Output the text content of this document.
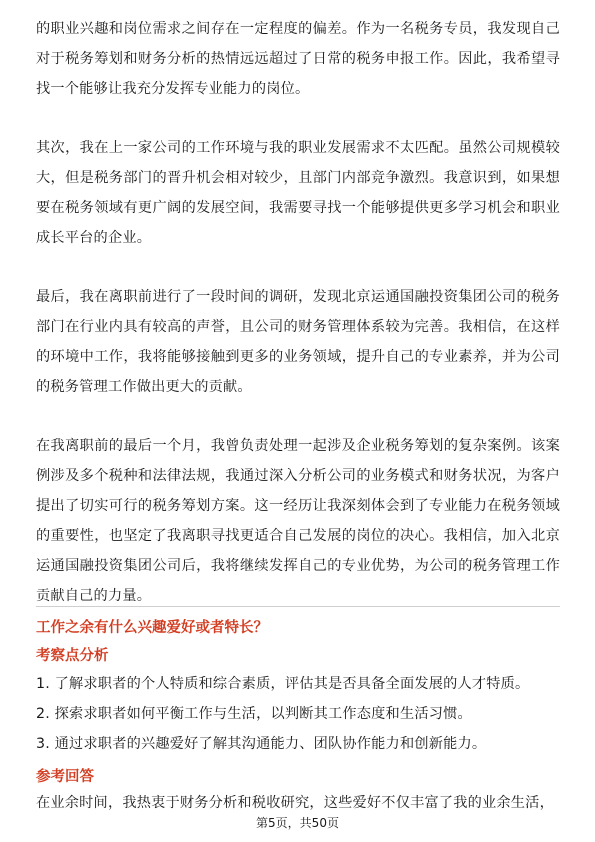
的职业兴趣和岗位需求之间存在一定程度的偏差。作为一名税务专员，我发现自己对于税务筹划和财务分析的热情远远超过了日常的税务申报工作。因此，我希望寻找一个能够让我充分发挥专业能力的岗位。

其次，我在上一家公司的工作环境与我的职业发展需求不太匹配。虽然公司规模较大，但是税务部门的晋升机会相对较少，且部门内部竞争激烈。我意识到，如果想要在税务领域有更广阔的发展空间，我需要寻找一个能够提供更多学习机会和职业成长平台的企业。

最后，我在离职前进行了一段时间的调研，发现北京运通国融投资集团公司的税务部门在行业内具有较高的声誉，且公司的财务管理体系较为完善。我相信，在这样的环境中工作，我将能够接触到更多的业务领域，提升自己的专业素养，并为公司的税务管理工作做出更大的贡献。

在我离职前的最后一个月，我曾负责处理一起涉及企业税务筹划的复杂案例。该案例涉及多个税种和法律法规，我通过深入分析公司的业务模式和财务状况，为客户提出了切实可行的税务筹划方案。这一经历让我深刻体会到了专业能力在税务领域的重要性，也坚定了我离职寻找更适合自己发展的岗位的决心。我相信，加入北京运通国融投资集团公司后，我将继续发挥自己的专业优势，为公司的税务管理工作贡献自己的力量。

工作之余有什么兴趣爱好或者特长？
考察点分析
1. 了解求职者的个人特质和综合素质，评估其是否具备全面发展的人才特质。
2. 探索求职者如何平衡工作与生活，以判断其工作态度和生活习惯。
3. 通过求职者的兴趣爱好了解其沟通能力、团队协作能力和创新能力。
参考回答
在业余时间，我热衷于财务分析和税收研究，这些爱好不仅丰富了我的业余生活，
第5页，共50页
